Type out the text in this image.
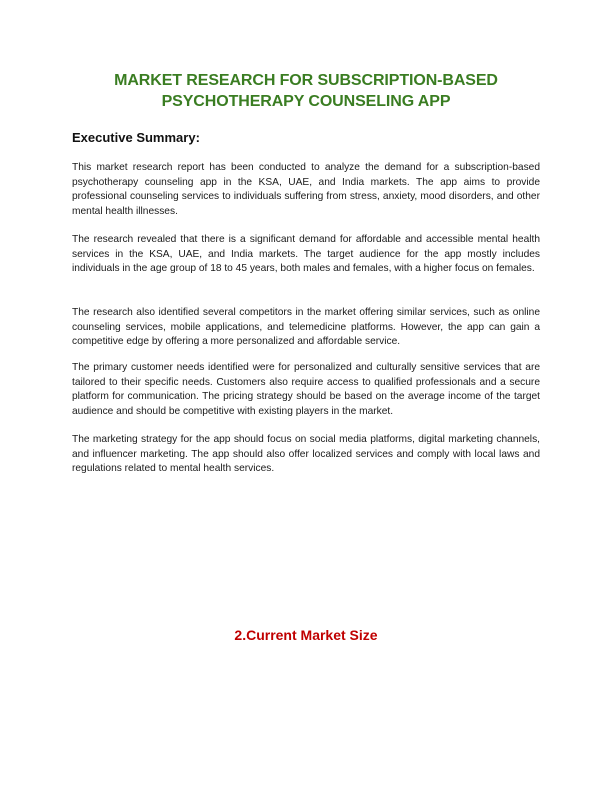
MARKET RESEARCH FOR SUBSCRIPTION-BASED
PSYCHOTHERAPY COUNSELING APP
Executive Summary:

This market research report has been conducted to analyze the demand for a subscription-based psychotherapy counseling app in the KSA, UAE, and India markets. The app aims to provide professional counseling services to individuals suffering from stress, anxiety, mood disorders, and other mental health illnesses.

The research revealed that there is a significant demand for affordable and accessible mental health services in the KSA, UAE, and India markets. The target audience for the app mostly includes individuals in the age group of 18 to 45 years, both males and females, with a higher focus on females.

The research also identified several competitors in the market offering similar services, such as online counseling services, mobile applications, and telemedicine platforms. However, the app can gain a competitive edge by offering a more personalized and affordable service.

The primary customer needs identified were for personalized and culturally sensitive services that are tailored to their specific needs. Customers also require access to qualified professionals and a secure platform for communication. The pricing strategy should be based on the average income of the target audience and should be competitive with existing players in the market.

The marketing strategy for the app should focus on social media platforms, digital marketing channels, and influencer marketing. The app should also offer localized services and comply with local laws and regulations related to mental health services.

2.Current Market Size
